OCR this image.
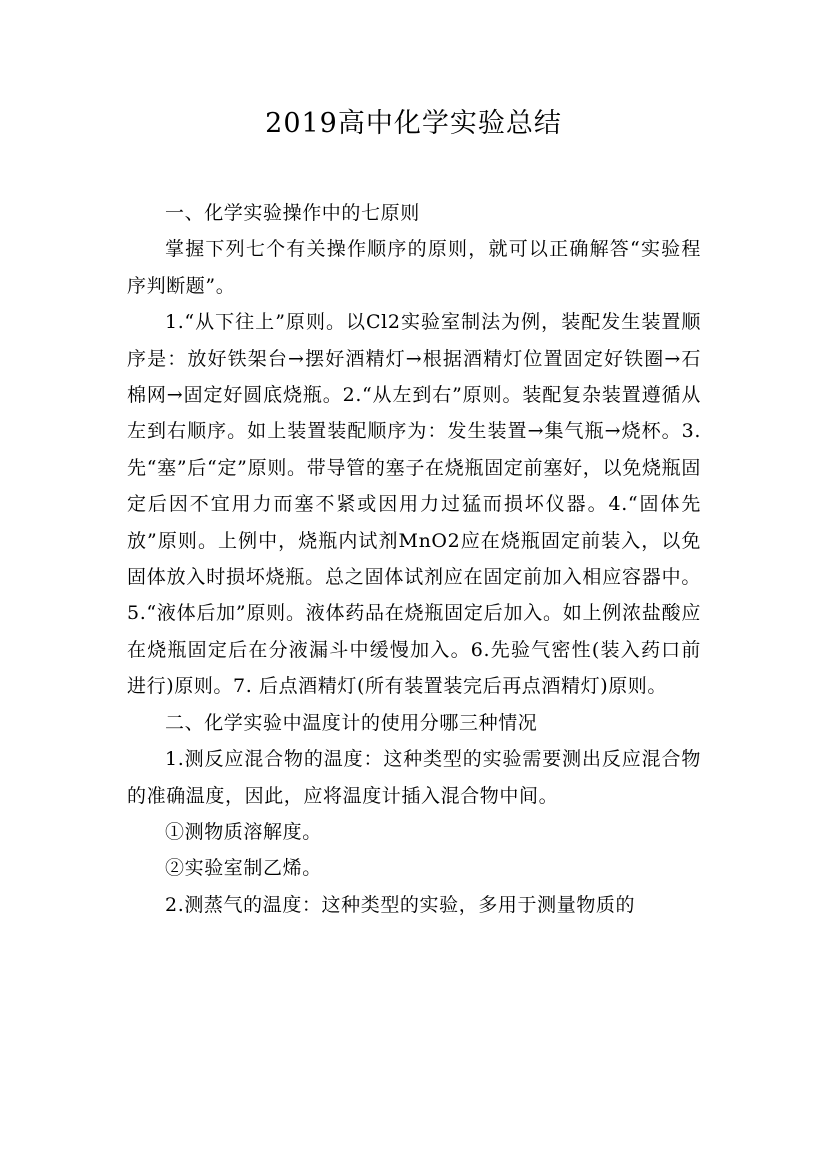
2019高中化学实验总结

一、化学实验操作中的七原则

掌握下列七个有关操作顺序的原则，就可以正确解答“实验程序判断题”。

1.“从下往上”原则。以Cl2实验室制法为例，装配发生装置顺序是：放好铁架台→摆好酒精灯→根据酒精灯位置固定好铁圈→石棉网→固定好圆底烧瓶。2.“从左到右”原则。装配复杂装置遵循从左到右顺序。如上装置装配顺序为：发生装置→集气瓶→烧杯。3.先“塞”后“定”原则。带导管的塞子在烧瓶固定前塞好，以免烧瓶固定后因不宜用力而塞不紧或因用力过猛而损坏仪器。4.“固体先放”原则。上例中，烧瓶内试剂MnO2应在烧瓶固定前装入，以免固体放入时损坏烧瓶。总之固体试剂应在固定前加入相应容器中。5.“液体后加”原则。液体药品在烧瓶固定后加入。如上例浓盐酸应在烧瓶固定后在分液漏斗中缓慢加入。6.先验气密性(装入药口前进行)原则。7. 后点酒精灯(所有装置装完后再点酒精灯)原则。

二、化学实验中温度计的使用分哪三种情况

1.测反应混合物的温度：这种类型的实验需要测出反应混合物的准确温度，因此，应将温度计插入混合物中间。

①测物质溶解度。

②实验室制乙烯。

2.测蒸气的温度：这种类型的实验，多用于测量物质的
